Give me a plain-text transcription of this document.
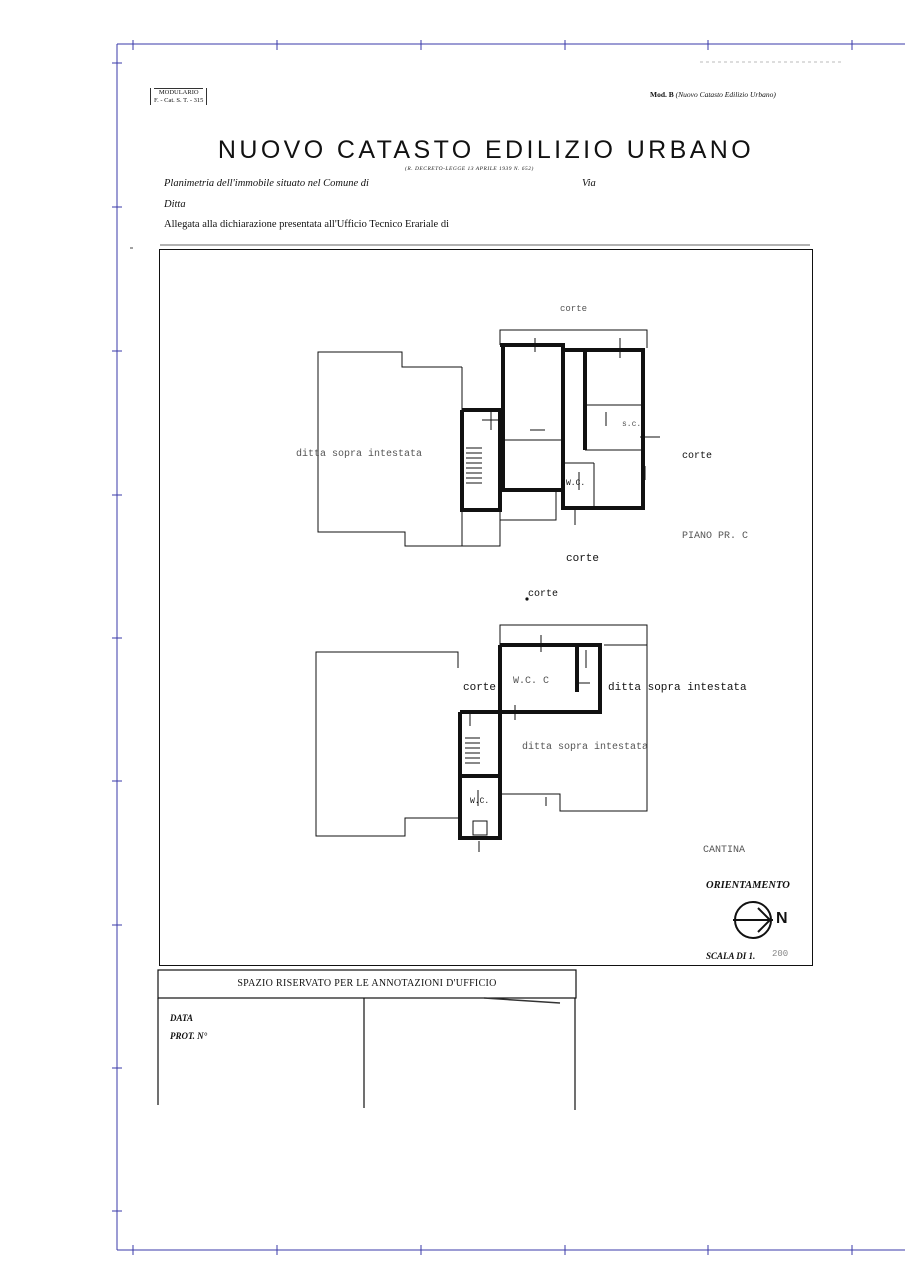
MODULARIO
F. - Cat. S. T. - 315
Mod. B (Nuovo Catasto Edilizio Urbano)
NUOVO CATASTO EDILIZIO URBANO
(R. DECRETO-LEGGE 13 APRILE 1939 N. 652)
Planimetria dell'immobile situato nel Comune di	Via
Ditta
Allegata alla dichiarazione presentata all'Ufficio Tecnico Erariale di
corte
ditta sopra intestata	corte
PIANO PR. C
s.c.
W.C.
corte
corte
corte
W.C. C
ditta sopra intestata
ditta sopra intestata
W.C.
CANTINA
ORIENTAMENTO
N
SCALA DI 1. 200
SPAZIO RISERVATO PER LE ANNOTAZIONI D'UFFICIO
DATA
PROT. N°
